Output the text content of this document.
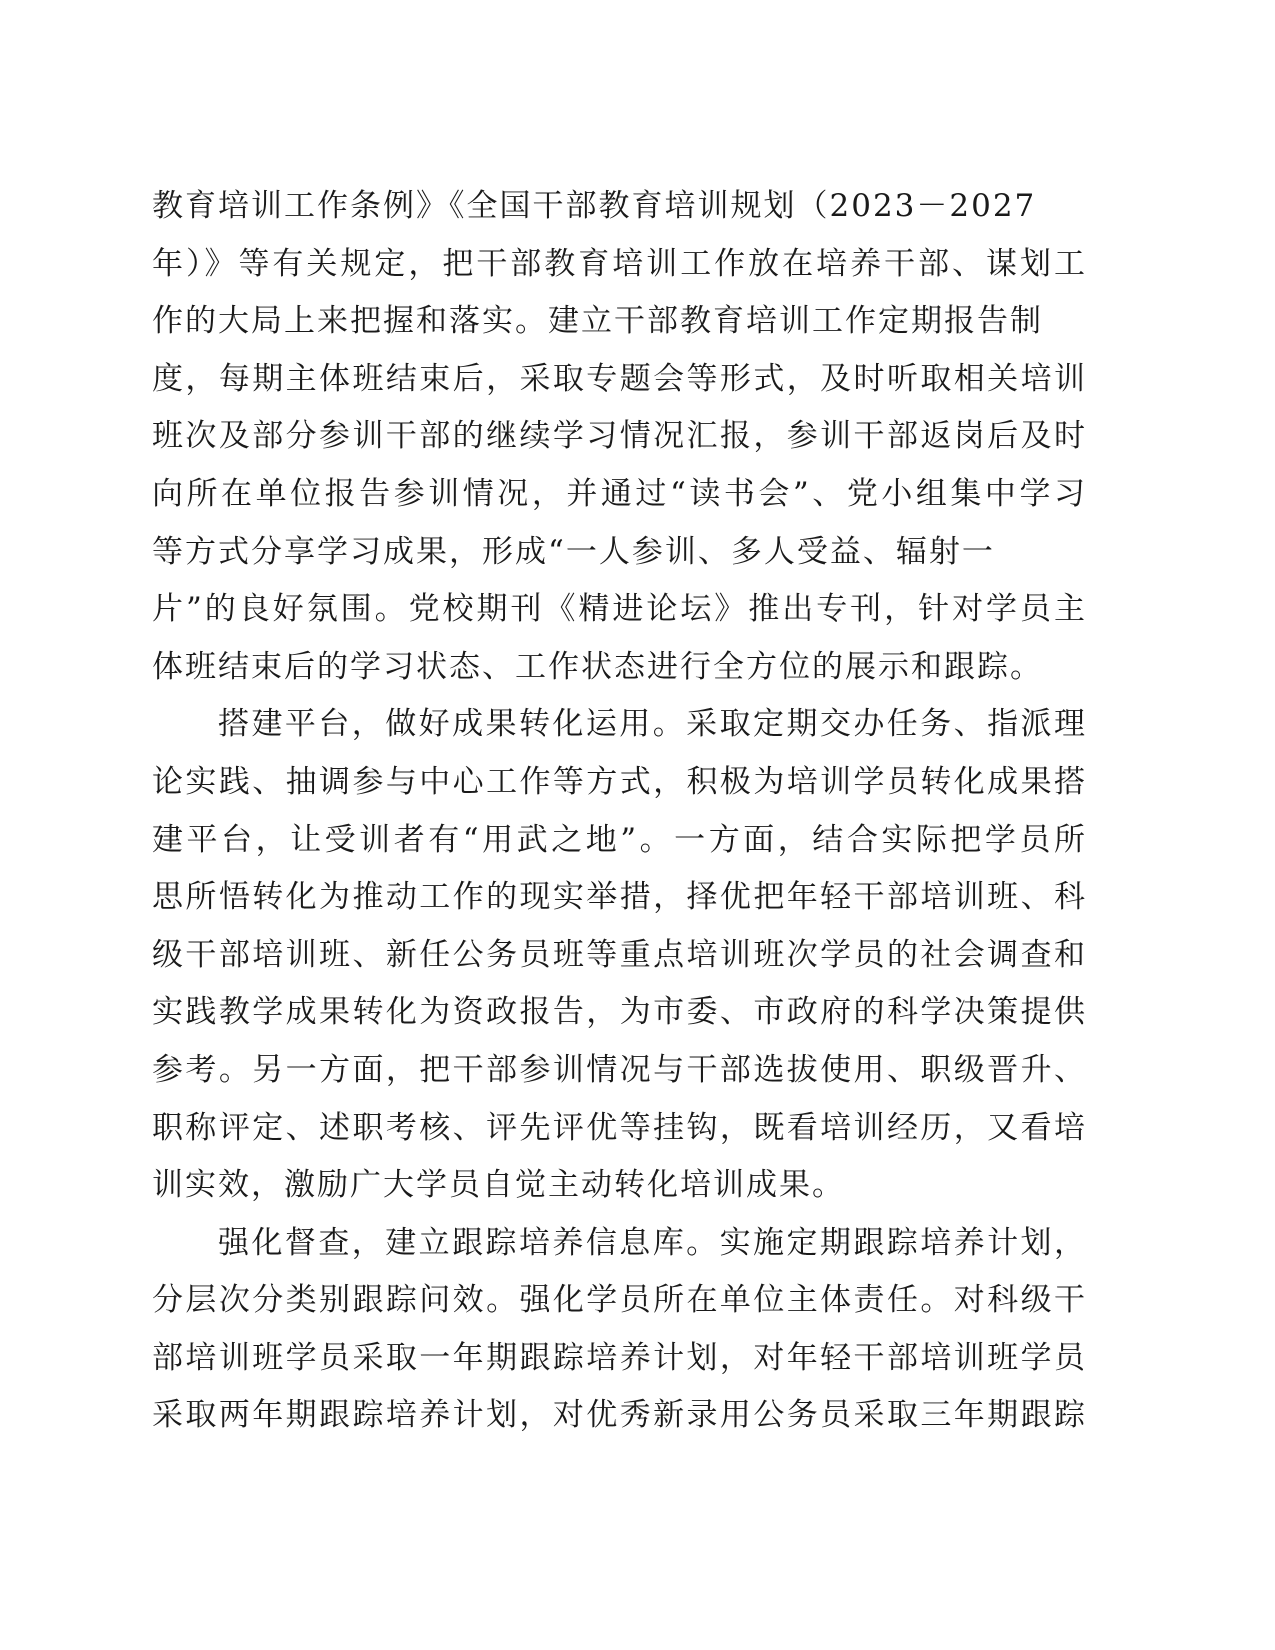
教育培训工作条例》《全国干部教育培训规划（2023－2027
年）》等有关规定，把干部教育培训工作放在培养干部、谋划工
作的大局上来把握和落实。建立干部教育培训工作定期报告制
度，每期主体班结束后，采取专题会等形式，及时听取相关培训
班次及部分参训干部的继续学习情况汇报，参训干部返岗后及时
向所在单位报告参训情况，并通过“读书会”、党小组集中学习
等方式分享学习成果，形成“一人参训、多人受益、辐射一
片”的良好氛围。党校期刊《精进论坛》推出专刊，针对学员主
体班结束后的学习状态、工作状态进行全方位的展示和跟踪。
搭建平台，做好成果转化运用。采取定期交办任务、指派理
论实践、抽调参与中心工作等方式，积极为培训学员转化成果搭
建平台，让受训者有“用武之地”。一方面，结合实际把学员所
思所悟转化为推动工作的现实举措，择优把年轻干部培训班、科
级干部培训班、新任公务员班等重点培训班次学员的社会调查和
实践教学成果转化为资政报告，为市委、市政府的科学决策提供
参考。另一方面，把干部参训情况与干部选拔使用、职级晋升、
职称评定、述职考核、评先评优等挂钩，既看培训经历，又看培
训实效，激励广大学员自觉主动转化培训成果。
强化督查，建立跟踪培养信息库。实施定期跟踪培养计划，
分层次分类别跟踪问效。强化学员所在单位主体责任。对科级干
部培训班学员采取一年期跟踪培养计划，对年轻干部培训班学员
采取两年期跟踪培养计划，对优秀新录用公务员采取三年期跟踪
